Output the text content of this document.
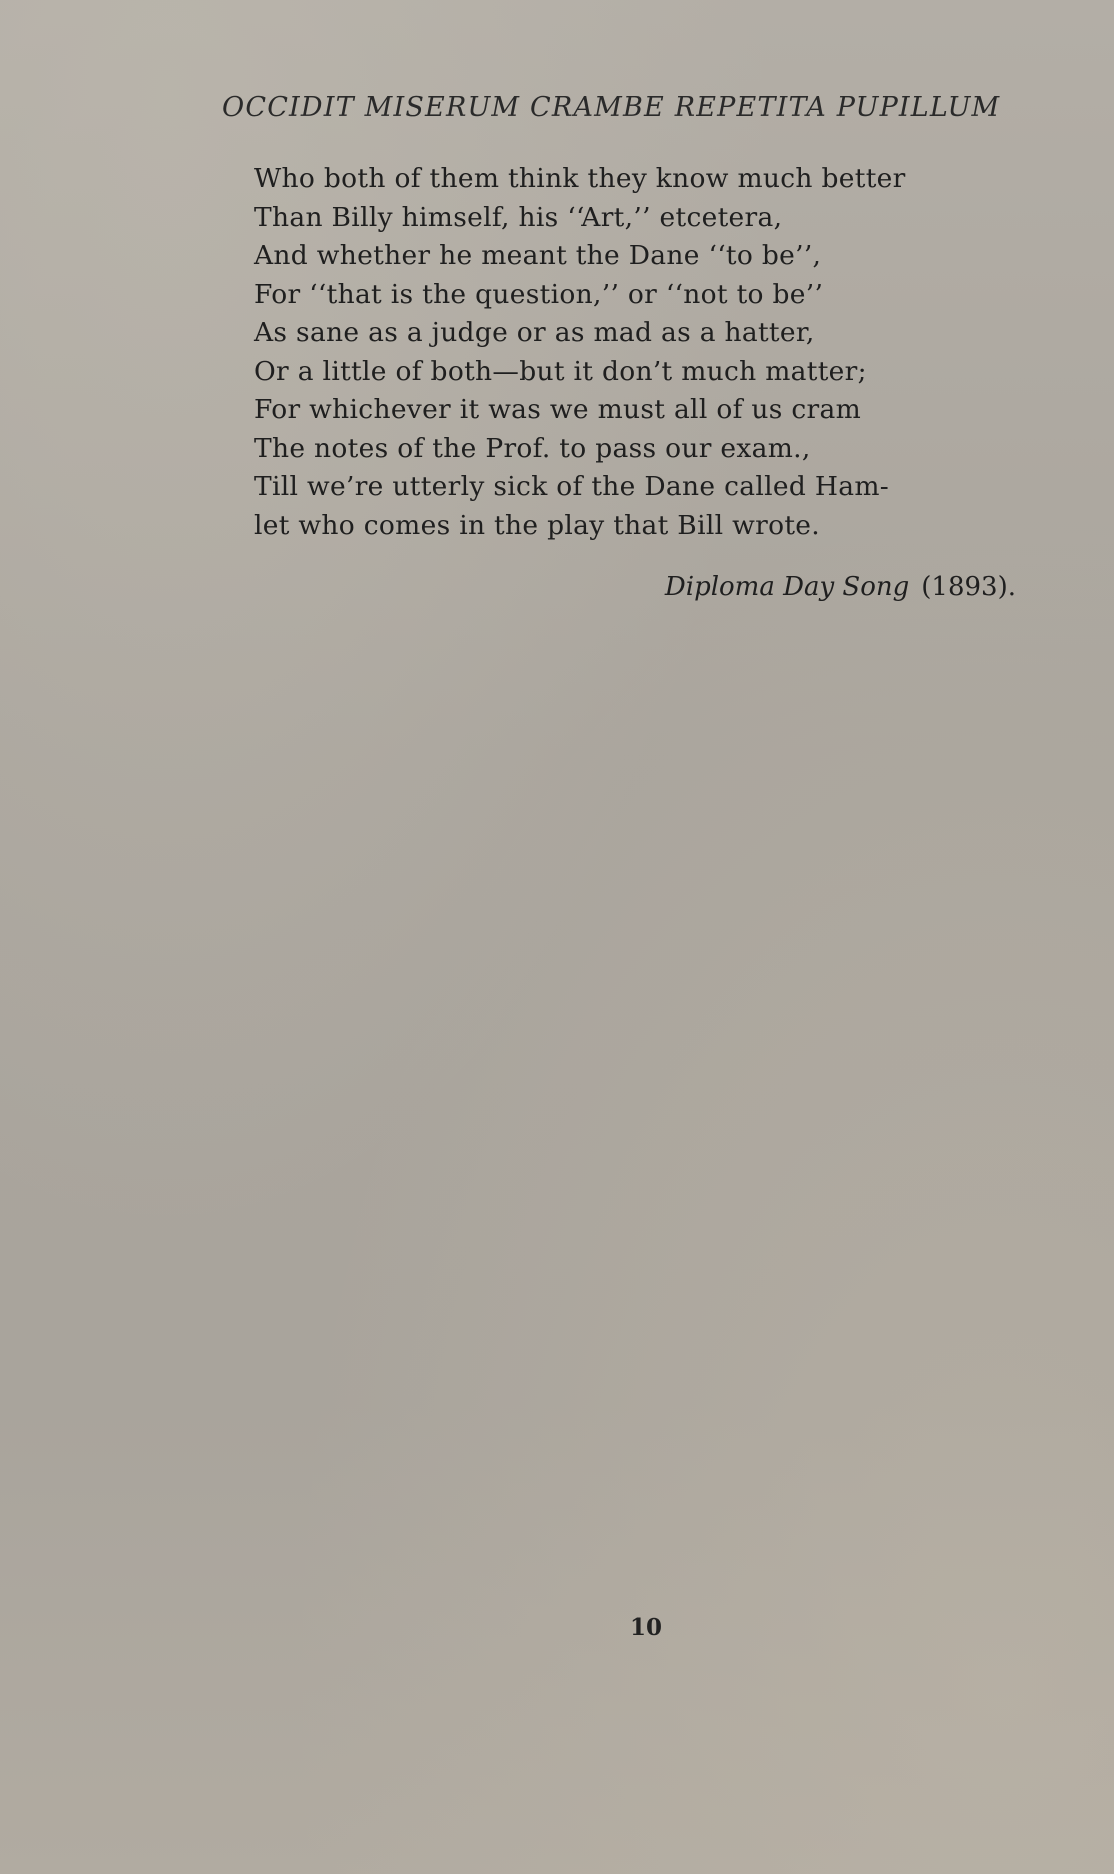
OCCIDIT MISERUM CRAMBE REPETITA PUPILLUM
Who both of them think they know much better
Than Billy himself, his ‘‘Art,’’ etcetera,
And whether he meant the Dane ‘‘to be’’,
For ‘‘that is the question,’’ or ‘‘not to be’’
As sane as a judge or as mad as a hatter,
Or a little of both—but it don’t much matter;
For whichever it was we must all of us cram
The notes of the Prof. to pass our exam.,
Till we’re utterly sick of the Dane called Ham-
let who comes in the play that Bill wrote.
Diploma Day Song (1893).
10
